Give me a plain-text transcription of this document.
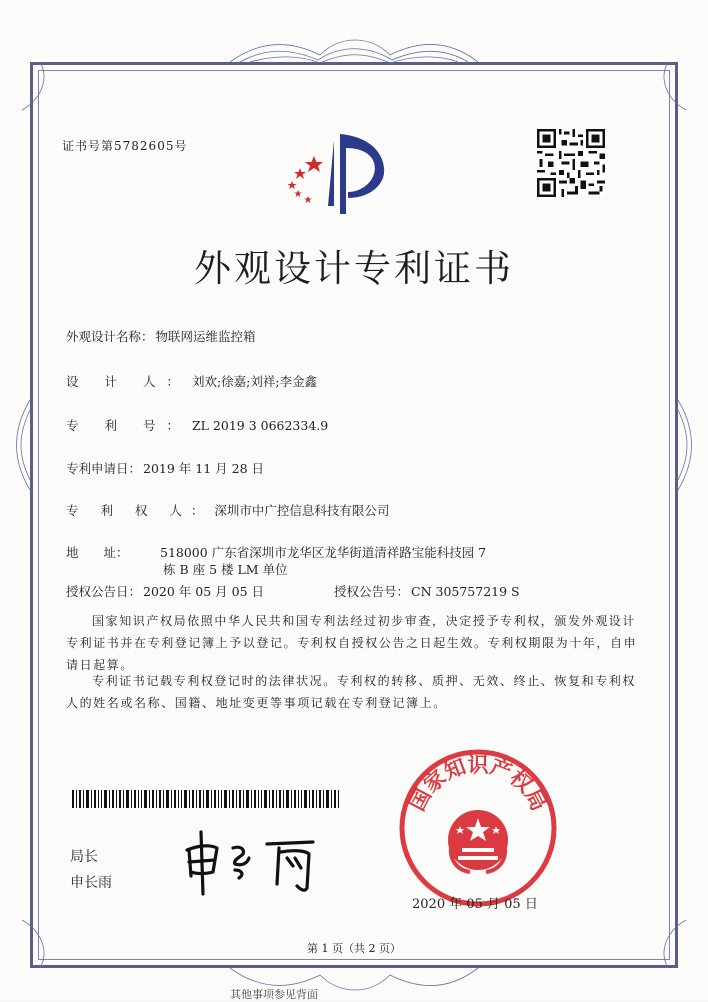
证书号第5782605号
外观设计专利证书
外观设计名称： 物联网运维监控箱
设 计 人： 刘欢;徐嘉;刘祥;李金鑫
专 利 号： ZL 2019 3 0662334.9
专利申请日： 2019 年 11 月 28 日
专 利 权 人： 深圳市中广控信息科技有限公司
地　　址：	518000 广东省深圳市龙华区龙华街道清祥路宝能科技园 7
栋 B 座 5 楼 LM 单位
授权公告日： 2020 年 05 月 05 日	授权公告号： CN 305757219 S
国家知识产权局依照中华人民共和国专利法经过初步审查，决定授予专利权，颁发外观设计专利证书并在专利登记簿上予以登记。专利权自授权公告之日起生效。专利权期限为十年，自申请日起算。
专利证书记载专利权登记时的法律状况。专利权的转移、质押、无效、终止、恢复和专利权人的姓名或名称、国籍、地址变更等事项记载在专利登记簿上。
局长
申长雨
国家知识产权局
2020 年 05 月 05 日
第 1 页（共 2 页）
其他事项参见背面
